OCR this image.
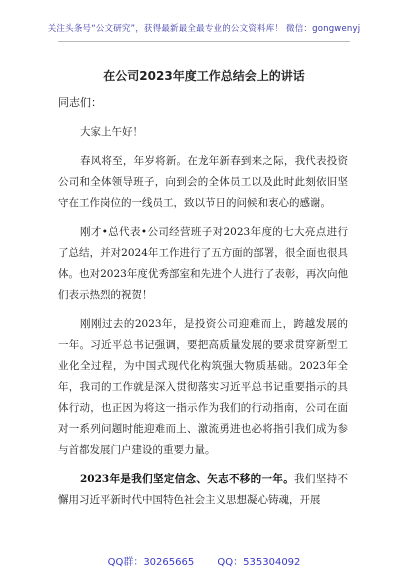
关注头条号“公文研究”，获得最新最全最专业的公文资料库！ 微信：gongwenyj
在公司2023年度工作总结会上的讲话

同志们：

大家上午好！

春风将至，年岁将新。在龙年新春到来之际，我代表投资公司和全体领导班子，向到会的全体员工以及此时此刻依旧坚守在工作岗位的一线员工，致以节日的问候和衷心的感谢。

刚才•总代表•公司经营班子对2023年度的七大亮点进行了总结，并对2024年工作进行了五方面的部署，很全面也很具体。也对2023年度优秀部室和先进个人进行了表彰，再次向他们表示热烈的祝贺！

刚刚过去的2023年，是投资公司迎难而上，跨越发展的一年。习近平总书记强调，要把高质量发展的要求贯穿新型工业化全过程，为中国式现代化构筑强大物质基础。2023年全年，我司的工作就是深入贯彻落实习近平总书记重要指示的具体行动，也正因为将这一指示作为我们的行动指南，公司在面对一系列问题时能迎难而上、激流勇进也必将指引我们成为参与首都发展门户建设的重要力量。

2023年是我们坚定信念、矢志不移的一年。我们坚持不懈用习近平新时代中国特色社会主义思想凝心铸魂，开展

QQ群：30265665 QQ：535304092
